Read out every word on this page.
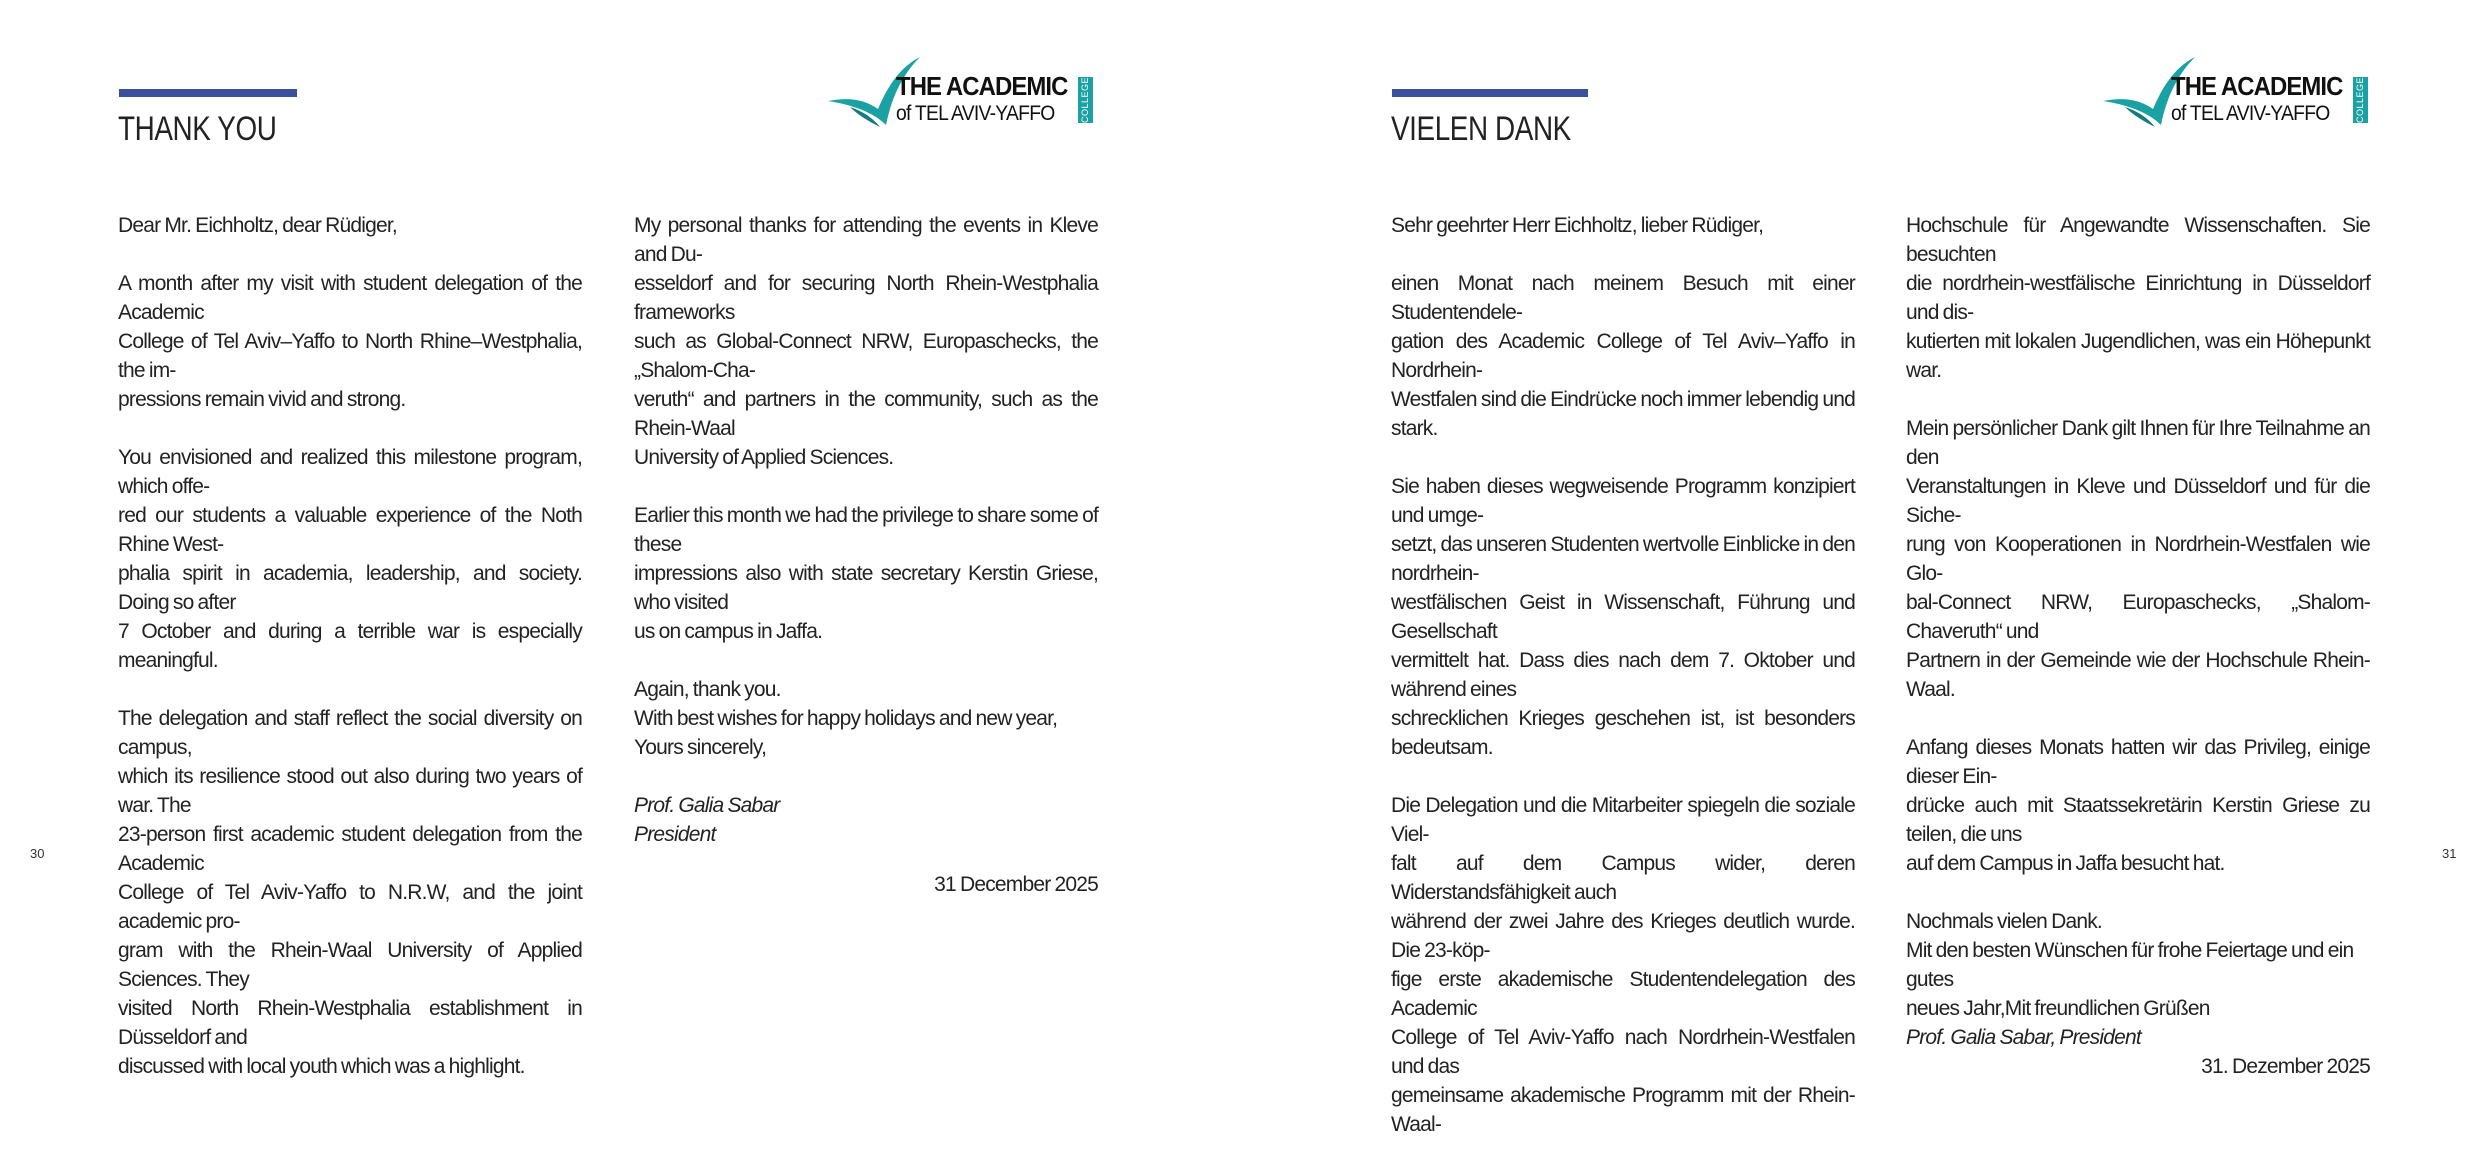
THANK YOU
THE ACADEMIC
of TEL AVIV-YAFFO	COLLEGE

Dear Mr. Eichholtz, dear Rüdiger,

A month after my visit with student delegation of the Academic
College of Tel Aviv–Yaffo to North Rhine–Westphalia, the im-
pressions remain vivid and strong.

You envisioned and realized this milestone program, which offe-
red our students a valuable experience of the Noth Rhine West-
phalia spirit in academia, leadership, and society. Doing so after
7 October and during a terrible war is especially meaningful.

The delegation and staff reflect the social diversity on campus,
which its resilience stood out also during two years of war. The
23-person first academic student delegation from the Academic
College of Tel Aviv-Yaffo to N.R.W, and the joint academic pro-
gram with the Rhein-Waal University of Applied Sciences. They
visited North Rhein-Westphalia establishment in Düsseldorf and
discussed with local youth which was a highlight.

My personal thanks for attending the events in Kleve and Du-
esseldorf and for securing North Rhein-Westphalia frameworks
such as Global-Connect NRW, Europaschecks, the „Shalom-Cha-
veruth“ and partners in the community, such as the Rhein-Waal
University of Applied Sciences.

Earlier this month we had the privilege to share some of these
impressions also with state secretary Kerstin Griese, who visited
us on campus in Jaffa.

Again, thank you.
With best wishes for happy holidays and new year,
Yours sincerely,

Prof. Galia Sabar

President

31 December 2025

30
VIELEN DANK
THE ACADEMIC
of TEL AVIV-YAFFO	COLLEGE

Sehr geehrter Herr Eichholtz, lieber Rüdiger,

einen Monat nach meinem Besuch mit einer Studentendele-
gation des Academic College of Tel Aviv–Yaffo in Nordrhein-
Westfalen sind die Eindrücke noch immer lebendig und stark.

Sie haben dieses wegweisende Programm konzipiert und umge-
setzt, das unseren Studenten wertvolle Einblicke in den nordrhein-
westfälischen Geist in Wissenschaft, Führung und Gesellschaft
vermittelt hat. Dass dies nach dem 7. Oktober und während eines
schrecklichen Krieges geschehen ist, ist besonders bedeutsam.

Die Delegation und die Mitarbeiter spiegeln die soziale Viel-
falt auf dem Campus wider, deren Widerstandsfähigkeit auch
während der zwei Jahre des Krieges deutlich wurde. Die 23-köp-
fige erste akademische Studentendelegation des Academic
College of Tel Aviv-Yaffo nach Nordrhein-Westfalen und das
gemeinsame akademische Programm mit der Rhein-Waal-

Hochschule für Angewandte Wissenschaften. Sie besuchten
die nordrhein-westfälische Einrichtung in Düsseldorf und dis-
kutierten mit lokalen Jugendlichen, was ein Höhepunkt war.

Mein persönlicher Dank gilt Ihnen für Ihre Teilnahme an den
Veranstaltungen in Kleve und Düsseldorf und für die Siche-
rung von Kooperationen in Nordrhein-Westfalen wie Glo-
bal-Connect NRW, Europaschecks, „Shalom-Chaveruth“ und
Partnern in der Gemeinde wie der Hochschule Rhein-Waal.

Anfang dieses Monats hatten wir das Privileg, einige dieser Ein-
drücke auch mit Staatssekretärin Kerstin Griese zu teilen, die uns
auf dem Campus in Jaffa besucht hat.

Nochmals vielen Dank.
Mit den besten Wünschen für frohe Feiertage und ein gutes
neues Jahr,Mit freundlichen Grüßen

Prof. Galia Sabar, President

31. Dezember 2025

31
